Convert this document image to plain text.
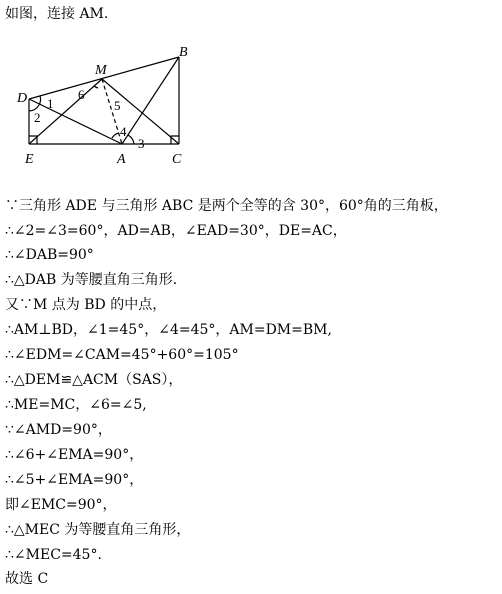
如图，连接 AM.
D
E	A	C
B
M
1
2
6
5
4
3
∵三角形 ADE 与三角形 ABC 是两个全等的含 30°，60°角的三角板，
∴∠2=∠3=60°，AD=AB，∠EAD=30°，DE=AC，
∴∠DAB=90°
∴△DAB 为等腰直角三角形.
又∵M 点为 BD 的中点，
∴AM⊥BD，∠1=45°，∠4=45°，AM=DM=BM,
∴∠EDM=∠CAM=45°+60°=105°
∴△DEM≌△ACM（SAS），
∴ME=MC，∠6=∠5,
∵∠AMD=90°，
∴∠6+∠EMA=90°，
∴∠5+∠EMA=90°，
即∠EMC=90°，
∴△MEC 为等腰直角三角形，
∴∠MEC=45°.
故选 C
